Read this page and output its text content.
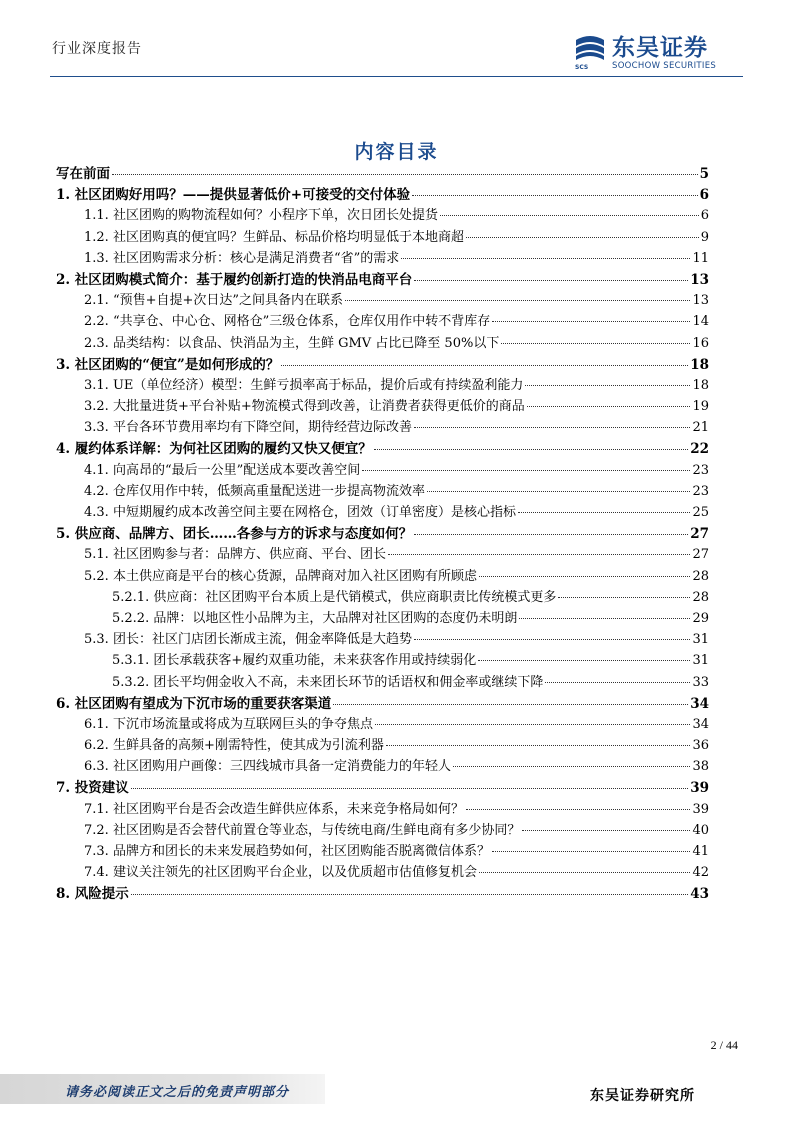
行业深度报告
SCS
东吴证券
SOOCHOW SECURITIES
内容目录
写在前面	5
1. 社区团购好用吗？——提供显著低价+可接受的交付体验	6
1.1. 社区团购的购物流程如何？小程序下单，次日团长处提货	6
1.2. 社区团购真的便宜吗？生鲜品、标品价格均明显低于本地商超	9
1.3. 社区团购需求分析：核心是满足消费者“省”的需求	11
2. 社区团购模式简介：基于履约创新打造的快消品电商平台	13
2.1. “预售+自提+次日达”之间具备内在联系	13
2.2. “共享仓、中心仓、网格仓”三级仓体系，仓库仅用作中转不背库存	14
2.3. 品类结构：以食品、快消品为主，生鲜 GMV 占比已降至 50%以下	16
3. 社区团购的“便宜”是如何形成的？	18
3.1. UE（单位经济）模型：生鲜亏损率高于标品，提价后或有持续盈利能力	18
3.2. 大批量进货+平台补贴+物流模式得到改善，让消费者获得更低价的商品	19
3.3. 平台各环节费用率均有下降空间，期待经营边际改善	21
4. 履约体系详解：为何社区团购的履约又快又便宜？	22
4.1. 向高昂的“最后一公里”配送成本要改善空间	23
4.2. 仓库仅用作中转，低频高重量配送进一步提高物流效率	23
4.3. 中短期履约成本改善空间主要在网格仓，团效（订单密度）是核心指标	25
5. 供应商、品牌方、团长……各参与方的诉求与态度如何？	27
5.1. 社区团购参与者：品牌方、供应商、平台、团长	27
5.2. 本土供应商是平台的核心货源，品牌商对加入社区团购有所顾虑	28
5.2.1. 供应商：社区团购平台本质上是代销模式，供应商职责比传统模式更多	28
5.2.2. 品牌：以地区性小品牌为主，大品牌对社区团购的态度仍未明朗	29
5.3. 团长：社区门店团长渐成主流，佣金率降低是大趋势	31
5.3.1. 团长承载获客+履约双重功能，未来获客作用或持续弱化	31
5.3.2. 团长平均佣金收入不高，未来团长环节的话语权和佣金率或继续下降	33
6. 社区团购有望成为下沉市场的重要获客渠道	34
6.1. 下沉市场流量或将成为互联网巨头的争夺焦点	34
6.2. 生鲜具备的高频+刚需特性，使其成为引流利器	36
6.3. 社区团购用户画像：三四线城市具备一定消费能力的年轻人	38
7. 投资建议	39
7.1. 社区团购平台是否会改造生鲜供应体系，未来竞争格局如何？	39
7.2. 社区团购是否会替代前置仓等业态，与传统电商/生鲜电商有多少协同？	40
7.3. 品牌方和团长的未来发展趋势如何，社区团购能否脱离微信体系？	41
7.4. 建议关注领先的社区团购平台企业，以及优质超市估值修复机会	42
8. 风险提示	43
2 / 44
请务必阅读正文之后的免责声明部分	东吴证券研究所
